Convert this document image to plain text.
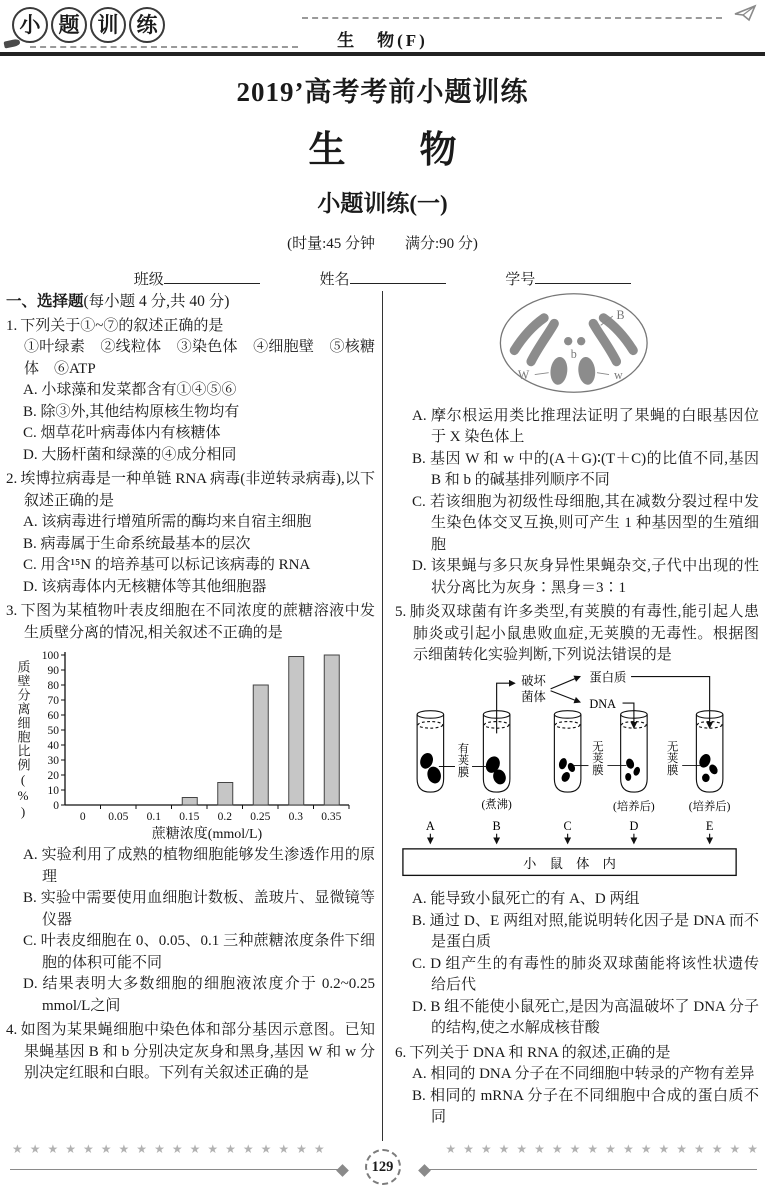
小 题 训 练
生　物(F)
2019’高考考前小题训练
生　　物
小题训练(一)
(时量:45 分钟　　满分:90 分)
班级	姓名	学号
一、选择题(每小题 4 分,共 40 分)
1. 下列关于①~⑦的叙述正确的是
①叶绿素　②线粒体　③染色体　④细胞壁　⑤核糖体　⑥ATP
A. 小球藻和发菜都含有①④⑤⑥
B. 除③外,其他结构原核生物均有
C. 烟草花叶病毒体内有核糖体
D. 大肠杆菌和绿藻的④成分相同
2. 埃博拉病毒是一种单链 RNA 病毒(非逆转录病毒),以下叙述正确的是
A. 该病毒进行增殖所需的酶均来自宿主细胞
B. 病毒属于生命系统最基本的层次
C. 用含¹⁵N 的培养基可以标记该病毒的 RNA
D. 该病毒体内无核糖体等其他细胞器
3. 下图为某植物叶表皮细胞在不同浓度的蔗糖溶液中发生质壁分离的情况,相关叙述不正确的是
质壁分离细胞比例(%) 0
10
20
30
40
50
60
70
80
90
100
0 0.05 0.1 0.15 0.2 0.25 0.3 0.35
蔗糖浓度(mmol/L)
A. 实验利用了成熟的植物细胞能够发生渗透作用的原理
B. 实验中需要使用血细胞计数板、盖玻片、显微镜等仪器
C. 叶表皮细胞在 0、0.05、0.1 三种蔗糖浓度条件下细胞的体积可能不同
D. 结果表明大多数细胞的细胞液浓度介于 0.2~0.25 mmol/L之间
4. 如图为某果蝇细胞中染色体和部分基因示意图。已知果蝇基因 B 和 b 分别决定灰身和黑身,基因 W 和 w 分别决定红眼和白眼。下列有关叙述正确的是
B
b
W	w
A. 摩尔根运用类比推理法证明了果蝇的白眼基因位于 X 染色体上
B. 基因 W 和 w 中的(A＋G)∶(T＋C)的比值不同,基因 B 和 b 的碱基排列顺序不同
C. 若该细胞为初级性母细胞,其在减数分裂过程中发生染色体交叉互换,则可产生 1 种基因型的生殖细胞
D. 该果蝇与多只灰身异性果蝇杂交,子代中出现的性状分离比为灰身∶黑身＝3∶1
5. 肺炎双球菌有许多类型,有荚膜的有毒性,能引起人患肺炎或引起小鼠患败血症,无荚膜的无毒性。根据图示细菌转化实验判断,下列说法错误的是
破坏
菌体
蛋白质
DNA
有荚膜
无荚膜
无荚膜
(煮沸)	(培养后)	(培养后)
A	B	C	D	E
小　鼠　体　内
A. 能导致小鼠死亡的有 A、D 两组
B. 通过 D、E 两组对照,能说明转化因子是 DNA 而不是蛋白质
C. D 组产生的有毒性的肺炎双球菌能将该性状遗传给后代
D. B 组不能使小鼠死亡,是因为高温破坏了 DNA 分子的结构,使之水解成核苷酸
6. 下列关于 DNA 和 RNA 的叙述,正确的是
A. 相同的 DNA 分子在不同细胞中转录的产物有差异
B. 相同的 mRNA 分子在不同细胞中合成的蛋白质不同
★★★★★★★★★★★★★★★★★★	★★★★★★★★★★★★★★★★★★
129
